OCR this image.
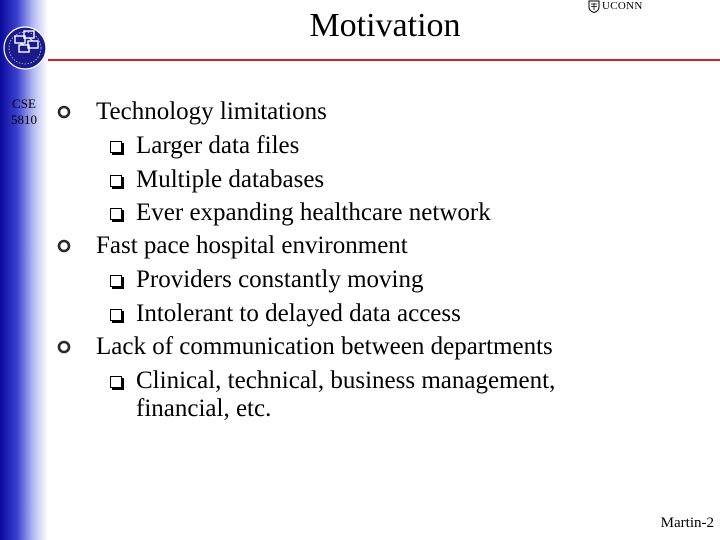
CSE
5810
UCONN
Motivation
Technology limitations
Larger data files
Multiple databases
Ever expanding healthcare network
Fast pace hospital environment
Providers constantly moving
Intolerant to delayed data access
Lack of communication between departments
Clinical, technical, business management,
financial, etc.
Martin-2
